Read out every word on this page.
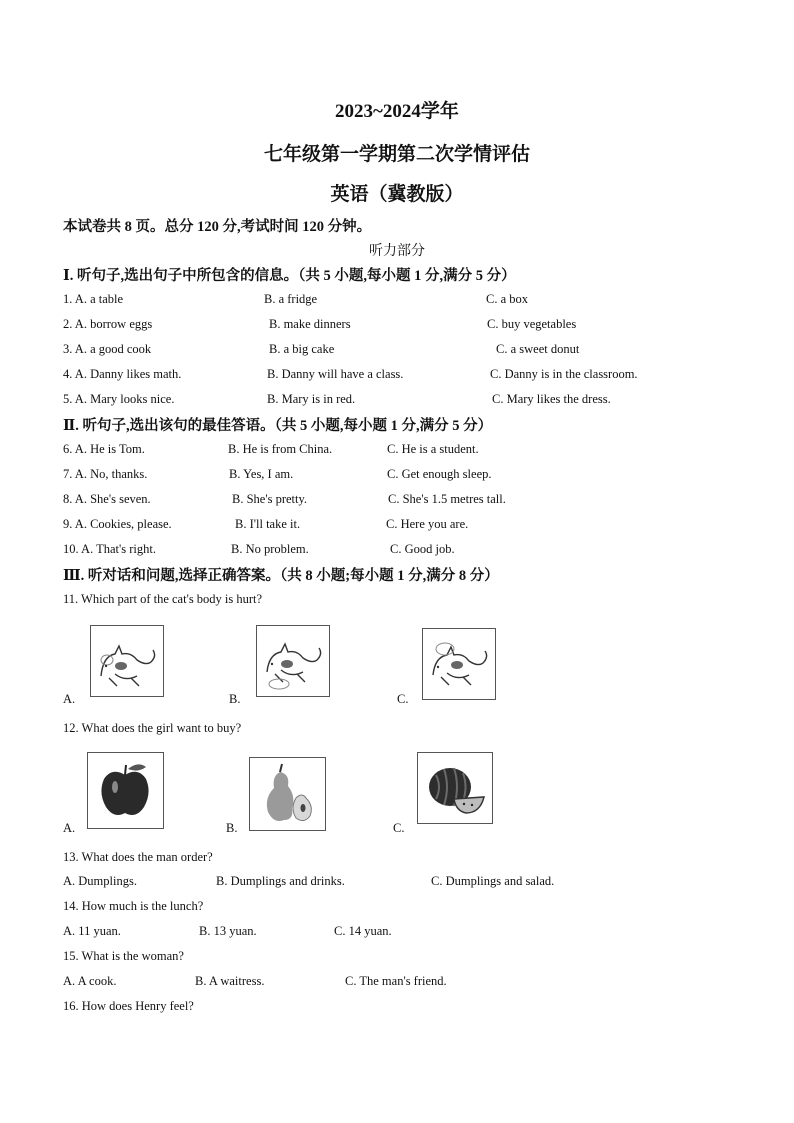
2023~2024学年
七年级第一学期第二次学情评估
英语（冀教版）
本试卷共 8 页。总分 120 分,考试时间 120 分钟。
听力部分
Ⅰ. 听句子,选出句子中所包含的信息。（共 5 小题,每小题 1 分,满分 5 分）
1. A. a table	B. a fridge	C. a box
2. A. borrow eggs	B. make dinners	C. buy vegetables
3. A. a good cook	B. a big cake	C. a sweet donut
4. A. Danny likes math.	B. Danny will have a class.	C. Danny is in the classroom.
5. A. Mary looks nice.	B. Mary is in red.	C. Mary likes the dress.
Ⅱ. 听句子,选出该句的最佳答语。（共 5 小题,每小题 1 分,满分 5 分）
6. A. He is Tom.	B. He is from China.	C. He is a student.
7. A. No, thanks.	B. Yes, I am.	C. Get enough sleep.
8. A. She's seven.	B. She's pretty.	C. She's 1.5 metres tall.
9. A. Cookies, please.	B. I'll take it.	C. Here you are.
10. A. That's right.	B. No problem.	C. Good job.
Ⅲ. 听对话和问题,选择正确答案。（共 8 小题;每小题 1 分,满分 8 分）
11. Which part of the cat's body is hurt?
A.	B.	C.
12. What does the girl want to buy?
A.	B.	C.
13. What does the man order?
A. Dumplings.	B. Dumplings and drinks.	C. Dumplings and salad.
14. How much is the lunch?
A. 11 yuan.	B. 13 yuan.	C. 14 yuan.
15. What is the woman?
A. A cook.	B. A waitress.	C. The man's friend.
16. How does Henry feel?
